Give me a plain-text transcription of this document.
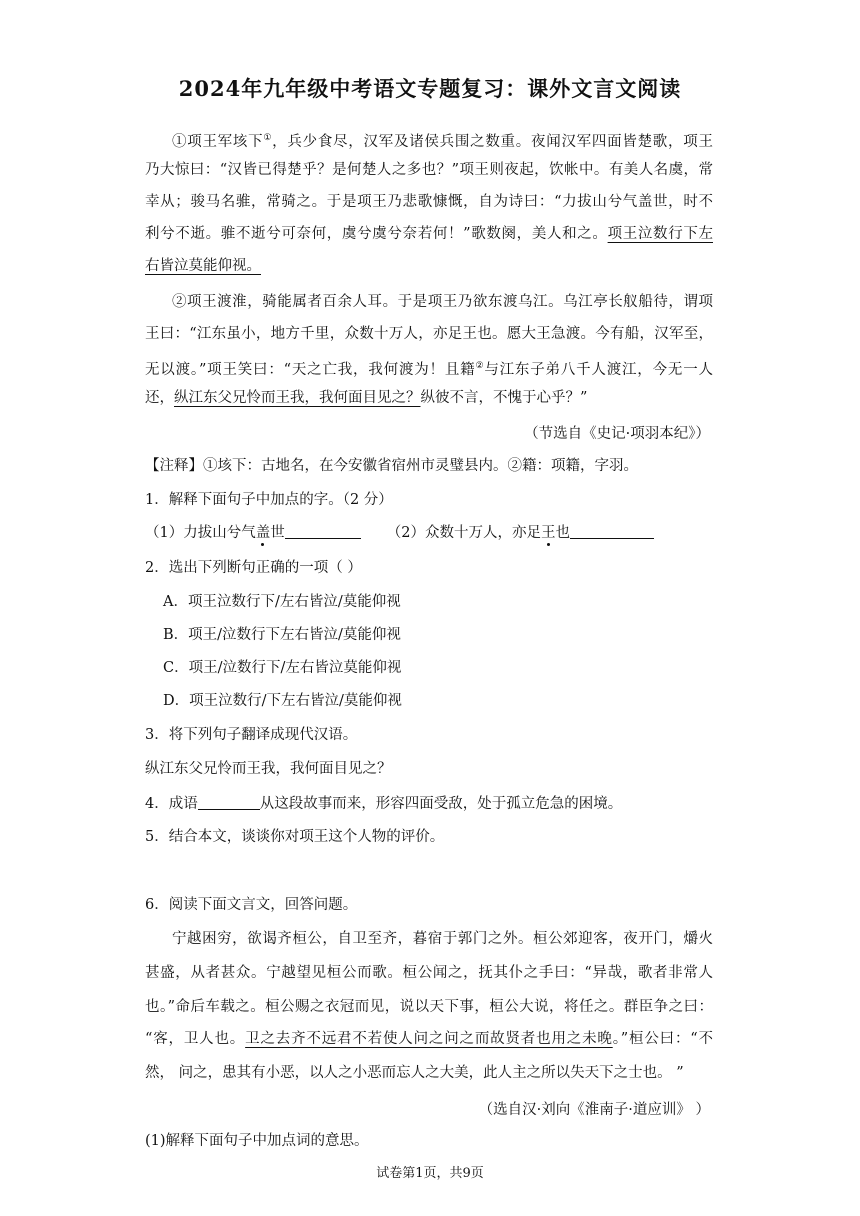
2024年九年级中考语文专题复习：课外文言文阅读
①项王军垓下①，兵少食尽，汉军及诸侯兵围之数重。夜闻汉军四面皆楚歌，项王
乃大惊曰：“汉皆已得楚乎？是何楚人之多也？”项王则夜起，饮帐中。有美人名虞，常
幸从；骏马名骓，常骑之。于是项王乃悲歌慷慨，自为诗曰：“力拔山兮气盖世，时不
利兮不逝。骓不逝兮可奈何，虞兮虞兮奈若何！”歌数阕，美人和之。项王泣数行下左
右皆泣莫能仰视。
②项王渡淮，骑能属者百余人耳。于是项王乃欲东渡乌江。乌江亭长舣船待，谓项
王曰：“江东虽小，地方千里，众数十万人，亦足王也。愿大王急渡。今有船，汉军至，
无以渡。”项王笑曰：“天之亡我，我何渡为！且籍②与江东子弟八千人渡江，今无一人
还，纵江东父兄怜而王我，我何面目见之？纵彼不言，不愧于心乎？”
（节选自《史记·项羽本纪》）
【注释】①垓下：古地名，在今安徽省宿州市灵璧县内。②籍：项籍，字羽。
1．解释下面句子中加点的字。（2 分）
（1）力拔山兮气盖世	（2）众数十万人，亦足王也
2．选出下列断句正确的一项（ ）
A．项王泣数行下/左右皆泣/莫能仰视
B．项王/泣数行下左右皆泣/莫能仰视
C．项王/泣数行下/左右皆泣莫能仰视
D．项王泣数行/下左右皆泣/莫能仰视
3．将下列句子翻译成现代汉语。
纵江东父兄怜而王我，我何面目见之？
4．成语	从这段故事而来，形容四面受敌，处于孤立危急的困境。
5．结合本文，谈谈你对项王这个人物的评价。
6．阅读下面文言文，回答问题。
宁越困穷，欲谒齐桓公，自卫至齐，暮宿于郭门之外。桓公郊迎客，夜开门，爝火
甚盛，从者甚众。宁越望见桓公而歌。桓公闻之，抚其仆之手曰：“异哉，歌者非常人
也。”命后车载之。桓公赐之衣冠而见，说以天下事，桓公大说，将任之。群臣争之曰：
“客，卫人也。卫之去齐不远君不若使人问之问之而故贤者也用之未晚。”桓公曰：“不
然， 问之，患其有小恶，以人之小恶而忘人之大美，此人主之所以失天下之士也。 ”
（选自汉·刘向《淮南子·道应训》 ）
(1)解释下面句子中加点词的意思。
试卷第1页，共9页
